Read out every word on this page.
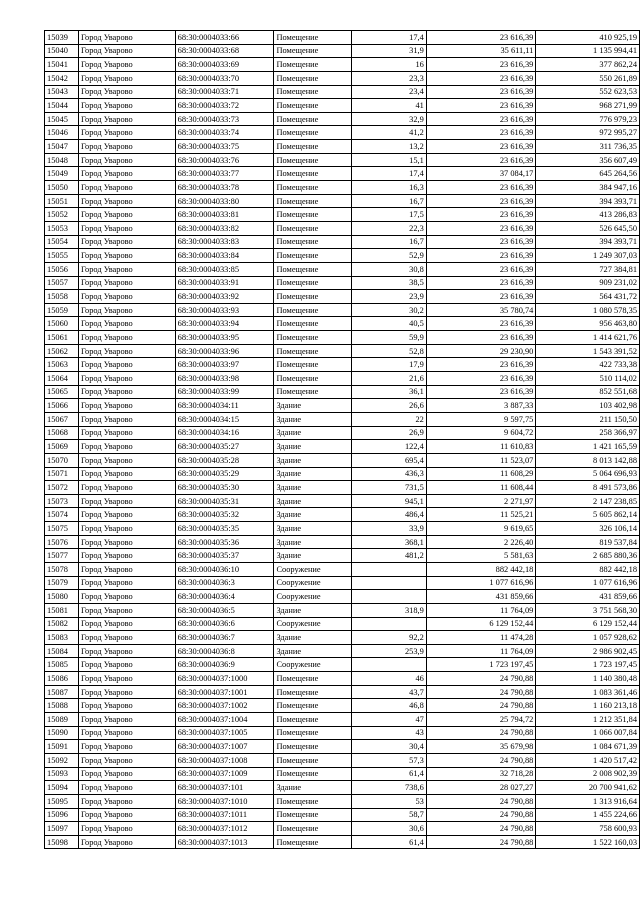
15039	Город Уварово	68:30:0004033:66	Помещение	17,4	23 616,39	410 925,19
15040	Город Уварово	68:30:0004033:68	Помещение	31,9	35 611,11	1 135 994,41
15041	Город Уварово	68:30:0004033:69	Помещение	16	23 616,39	377 862,24
15042	Город Уварово	68:30:0004033:70	Помещение	23,3	23 616,39	550 261,89
15043	Город Уварово	68:30:0004033:71	Помещение	23,4	23 616,39	552 623,53
15044	Город Уварово	68:30:0004033:72	Помещение	41	23 616,39	968 271,99
15045	Город Уварово	68:30:0004033:73	Помещение	32,9	23 616,39	776 979,23
15046	Город Уварово	68:30:0004033:74	Помещение	41,2	23 616,39	972 995,27
15047	Город Уварово	68:30:0004033:75	Помещение	13,2	23 616,39	311 736,35
15048	Город Уварово	68:30:0004033:76	Помещение	15,1	23 616,39	356 607,49
15049	Город Уварово	68:30:0004033:77	Помещение	17,4	37 084,17	645 264,56
15050	Город Уварово	68:30:0004033:78	Помещение	16,3	23 616,39	384 947,16
15051	Город Уварово	68:30:0004033:80	Помещение	16,7	23 616,39	394 393,71
15052	Город Уварово	68:30:0004033:81	Помещение	17,5	23 616,39	413 286,83
15053	Город Уварово	68:30:0004033:82	Помещение	22,3	23 616,39	526 645,50
15054	Город Уварово	68:30:0004033:83	Помещение	16,7	23 616,39	394 393,71
15055	Город Уварово	68:30:0004033:84	Помещение	52,9	23 616,39	1 249 307,03
15056	Город Уварово	68:30:0004033:85	Помещение	30,8	23 616,39	727 384,81
15057	Город Уварово	68:30:0004033:91	Помещение	38,5	23 616,39	909 231,02
15058	Город Уварово	68:30:0004033:92	Помещение	23,9	23 616,39	564 431,72
15059	Город Уварово	68:30:0004033:93	Помещение	30,2	35 780,74	1 080 578,35
15060	Город Уварово	68:30:0004033:94	Помещение	40,5	23 616,39	956 463,80
15061	Город Уварово	68:30:0004033:95	Помещение	59,9	23 616,39	1 414 621,76
15062	Город Уварово	68:30:0004033:96	Помещение	52,8	29 230,90	1 543 391,52
15063	Город Уварово	68:30:0004033:97	Помещение	17,9	23 616,39	422 733,38
15064	Город Уварово	68:30:0004033:98	Помещение	21,6	23 616,39	510 114,02
15065	Город Уварово	68:30:0004033:99	Помещение	36,1	23 616,39	852 551,68
15066	Город Уварово	68:30:0004034:11	Здание	26,6	3 887,33	103 402,98
15067	Город Уварово	68:30:0004034:15	Здание	22	9 597,75	211 150,50
15068	Город Уварово	68:30:0004034:16	Здание	26,9	9 604,72	258 366,97
15069	Город Уварово	68:30:0004035:27	Здание	122,4	11 610,83	1 421 165,59
15070	Город Уварово	68:30:0004035:28	Здание	695,4	11 523,07	8 013 142,88
15071	Город Уварово	68:30:0004035:29	Здание	436,3	11 608,29	5 064 696,93
15072	Город Уварово	68:30:0004035:30	Здание	731,5	11 608,44	8 491 573,86
15073	Город Уварово	68:30:0004035:31	Здание	945,1	2 271,97	2 147 238,85
15074	Город Уварово	68:30:0004035:32	Здание	486,4	11 525,21	5 605 862,14
15075	Город Уварово	68:30:0004035:35	Здание	33,9	9 619,65	326 106,14
15076	Город Уварово	68:30:0004035:36	Здание	368,1	2 226,40	819 537,84
15077	Город Уварово	68:30:0004035:37	Здание	481,2	5 581,63	2 685 880,36
15078	Город Уварово	68:30:0004036:10	Сооружение		882 442,18	882 442,18
15079	Город Уварово	68:30:0004036:3	Сооружение		1 077 616,96	1 077 616,96
15080	Город Уварово	68:30:0004036:4	Сооружение		431 859,66	431 859,66
15081	Город Уварово	68:30:0004036:5	Здание	318,9	11 764,09	3 751 568,30
15082	Город Уварово	68:30:0004036:6	Сооружение		6 129 152,44	6 129 152,44
15083	Город Уварово	68:30:0004036:7	Здание	92,2	11 474,28	1 057 928,62
15084	Город Уварово	68:30:0004036:8	Здание	253,9	11 764,09	2 986 902,45
15085	Город Уварово	68:30:0004036:9	Сооружение		1 723 197,45	1 723 197,45
15086	Город Уварово	68:30:0004037:1000	Помещение	46	24 790,88	1 140 380,48
15087	Город Уварово	68:30:0004037:1001	Помещение	43,7	24 790,88	1 083 361,46
15088	Город Уварово	68:30:0004037:1002	Помещение	46,8	24 790,88	1 160 213,18
15089	Город Уварово	68:30:0004037:1004	Помещение	47	25 794,72	1 212 351,84
15090	Город Уварово	68:30:0004037:1005	Помещение	43	24 790,88	1 066 007,84
15091	Город Уварово	68:30:0004037:1007	Помещение	30,4	35 679,98	1 084 671,39
15092	Город Уварово	68:30:0004037:1008	Помещение	57,3	24 790,88	1 420 517,42
15093	Город Уварово	68:30:0004037:1009	Помещение	61,4	32 718,28	2 008 902,39
15094	Город Уварово	68:30:0004037:101	Здание	738,6	28 027,27	20 700 941,62
15095	Город Уварово	68:30:0004037:1010	Помещение	53	24 790,88	1 313 916,64
15096	Город Уварово	68:30:0004037:1011	Помещение	58,7	24 790,88	1 455 224,66
15097	Город Уварово	68:30:0004037:1012	Помещение	30,6	24 790,88	758 600,93
15098	Город Уварово	68:30:0004037:1013	Помещение	61,4	24 790,88	1 522 160,03
